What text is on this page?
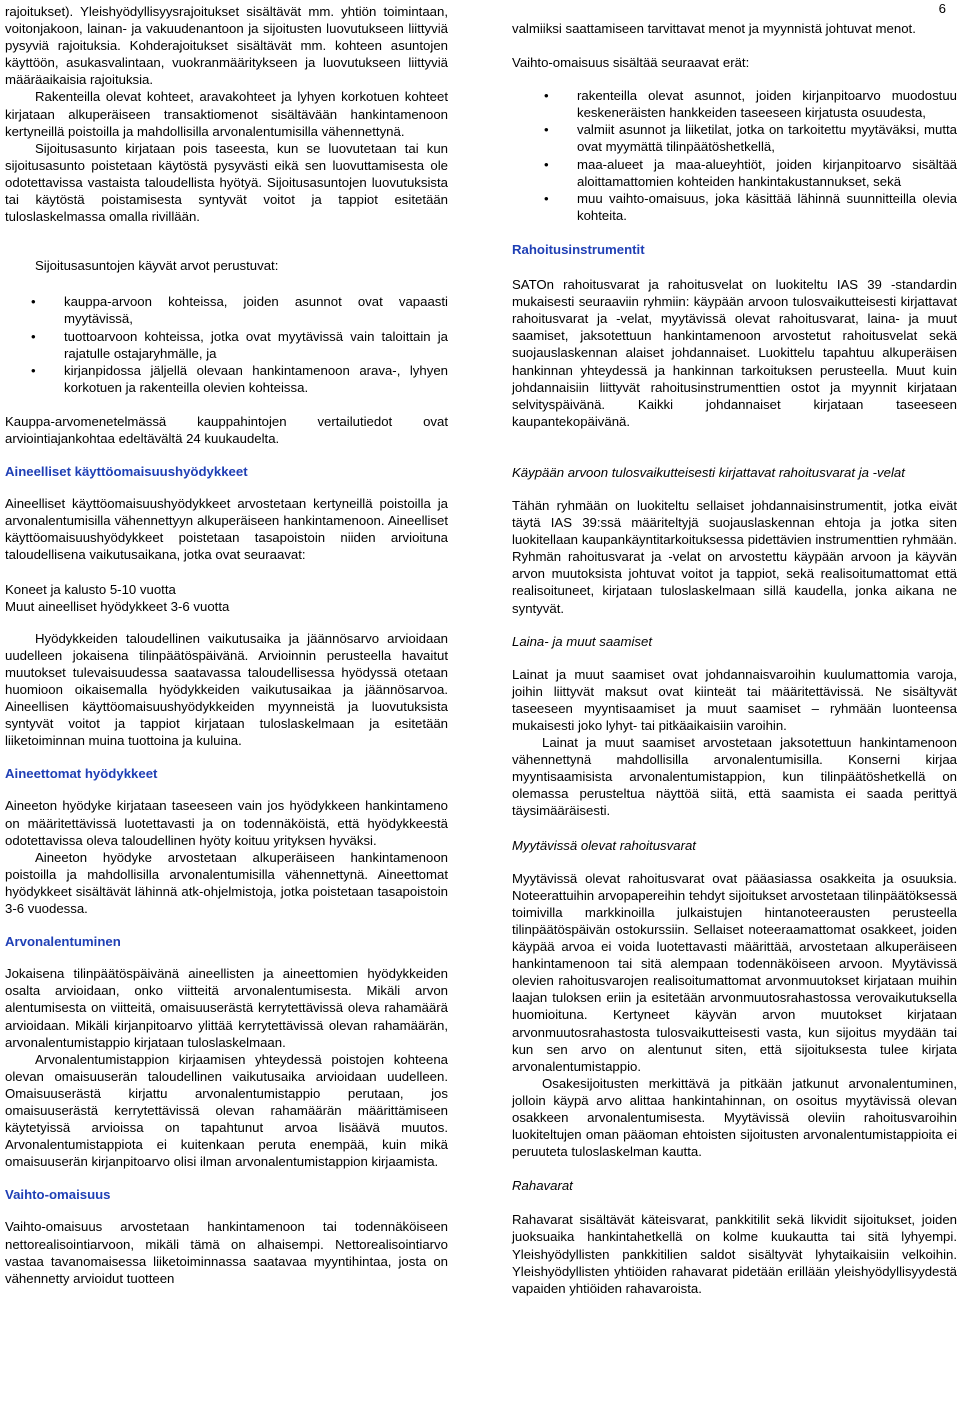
6

rajoitukset). Yleishyödyllisyysrajoitukset sisältävät mm. yhtiön toimintaan, voitonjakoon, lainan- ja vakuudenantoon ja sijoitusten luovutukseen liittyviä pysyviä rajoituksia. Kohderajoitukset sisältävät mm. kohteen asuntojen käyttöön, asukasvalintaan, vuokranmääritykseen ja luovutukseen liittyviä määräaikaisia rajoituksia.

Rakenteilla olevat kohteet, aravakohteet ja lyhyen korkotuen kohteet kirjataan alkuperäiseen transaktiomenot sisältävään hankintamenoon kertyneillä poistoilla ja mahdollisilla arvonalentumisilla vähennettynä.

Sijoitusasunto kirjataan pois taseesta, kun se luovutetaan tai kun sijoitusasunto poistetaan käytöstä pysyvästi eikä sen luovuttamisesta ole odotettavissa vastaista taloudellista hyötyä. Sijoitusasuntojen luovutuksista tai käytöstä poistamisesta syntyvät voitot ja tappiot esitetään tuloslaskelmassa omalla rivillään.

Sijoitusasuntojen käyvät arvot perustuvat:

• kauppa-arvoon kohteissa, joiden asunnot ovat vapaasti myytävissä,
• tuottoarvoon kohteissa, jotka ovat myytävissä vain taloittain ja rajatulle ostajaryhmälle, ja
• kirjanpidossa jäljellä olevaan hankintamenoon arava-, lyhyen korkotuen ja rakenteilla olevien kohteissa.

Kauppa-arvomenetelmässä kauppahintojen vertailutiedot ovat arviointiajankohtaa edeltävältä 24 kuukaudelta.

Aineelliset käyttöomaisuushyödykkeet

Aineelliset käyttöomaisuushyödykkeet arvostetaan kertyneillä poistoilla ja arvonalentumisilla vähennettyyn alkuperäiseen hankintamenoon. Aineelliset käyttöomaisuushyödykkeet poistetaan tasapoistoin niiden arvioituna taloudellisena vaikutusaikana, jotka ovat seuraavat:

Koneet ja kalusto 5-10 vuotta

Muut aineelliset hyödykkeet 3-6 vuotta

Hyödykkeiden taloudellinen vaikutusaika ja jäännösarvo arvioidaan uudelleen jokaisena tilinpäätöspäivänä. Arvioinnin perusteella havaitut muutokset tulevaisuudessa saatavassa taloudellisessa hyödyssä otetaan huomioon oikaisemalla hyödykkeiden vaikutusaikaa ja jäännösarvoa. Aineellisen käyttöomaisuushyödykkeiden myynneistä ja luovutuksista syntyvät voitot ja tappiot kirjataan tuloslaskelmaan ja esitetään liiketoiminnan muina tuottoina ja kuluina.

Aineettomat hyödykkeet

Aineeton hyödyke kirjataan taseeseen vain jos hyödykkeen hankintameno on määritettävissä luotettavasti ja on todennäköistä, että hyödykkeestä odotettavissa oleva taloudellinen hyöty koituu yrityksen hyväksi.

Aineeton hyödyke arvostetaan alkuperäiseen hankintamenoon poistoilla ja mahdollisilla arvonalentumisilla vähennettynä. Aineettomat hyödykkeet sisältävät lähinnä atk-ohjelmistoja, jotka poistetaan tasapoistoin 3-6 vuodessa.

Arvonalentuminen

Jokaisena tilinpäätöspäivänä aineellisten ja aineettomien hyödykkeiden osalta arvioidaan, onko viitteitä arvonalentumisesta. Mikäli arvon alentumisesta on viitteitä, omaisuuserästä kerrytettävissä oleva rahamäärä arvioidaan. Mikäli kirjanpitoarvo ylittää kerrytettävissä olevan rahamäärän, arvonalentumistappio kirjataan tuloslaskelmaan.

Arvonalentumistappion kirjaamisen yhteydessä poistojen kohteena olevan omaisuuserän taloudellinen vaikutusaika arvioidaan uudelleen. Omaisuuserästä kirjattu arvonalentumistappio perutaan, jos omaisuuserästä kerrytettävissä olevan rahamäärän määrittämiseen käytetyissä arvioissa on tapahtunut arvoa lisäävä muutos. Arvonalentumistappiota ei kuitenkaan peruta enempää, kuin mikä omaisuuserän kirjanpitoarvo olisi ilman arvonalentumistappion kirjaamista.

Vaihto-omaisuus

Vaihto-omaisuus arvostetaan hankintamenoon tai todennäköiseen nettorealisointiarvoon, mikäli tämä on alhaisempi. Nettorealisointiarvo vastaa tavanomaisessa liiketoiminnassa saatavaa myyntihintaa, josta on vähennetty arvioidut tuotteen

valmiiksi saattamiseen tarvittavat menot ja myynnistä johtuvat menot.

Vaihto-omaisuus sisältää seuraavat erät:

• rakenteilla olevat asunnot, joiden kirjanpitoarvo muodostuu keskeneräisten hankkeiden taseeseen kirjatusta osuudesta,
• valmiit asunnot ja liiketilat, jotka on tarkoitettu myytäväksi, mutta ovat myymättä tilinpäätöshetkellä,
• maa-alueet ja maa-alueyhtiöt, joiden kirjanpitoarvo sisältää aloittamattomien kohteiden hankintakustannukset, sekä
• muu vaihto-omaisuus, joka käsittää lähinnä suunnitteilla olevia kohteita.

Rahoitusinstrumentit

SATOn rahoitusvarat ja rahoitusvelat on luokiteltu IAS 39 -standardin mukaisesti seuraaviin ryhmiin: käypään arvoon tulosvaikutteisesti kirjattavat rahoitusvarat ja -velat, myytävissä olevat rahoitusvarat, laina- ja muut saamiset, jaksotettuun hankintamenoon arvostetut rahoitusvelat sekä suojauslaskennan alaiset johdannaiset. Luokittelu tapahtuu alkuperäisen hankinnan yhteydessä ja hankinnan tarkoituksen perusteella. Muut kuin johdannaisiin liittyvät rahoitusinstrumenttien ostot ja myynnit kirjataan selvityspäivänä. Kaikki johdannaiset kirjataan taseeseen kaupantekopäivänä.

Käypään arvoon tulosvaikutteisesti kirjattavat rahoitusvarat ja -velat

Tähän ryhmään on luokiteltu sellaiset johdannaisinstrumentit, jotka eivät täytä IAS 39:ssä määriteltyjä suojauslaskennan ehtoja ja jotka siten luokitellaan kaupankäyntitarkoituksessa pidettävien instrumenttien ryhmään. Ryhmän rahoitusvarat ja -velat on arvostettu käypään arvoon ja käyvän arvon muutoksista johtuvat voitot ja tappiot, sekä realisoitumattomat että realisoituneet, kirjataan tuloslaskelmaan sillä kaudella, jonka aikana ne syntyvät.

Laina- ja muut saamiset

Lainat ja muut saamiset ovat johdannaisvaroihin kuulumattomia varoja, joihin liittyvät maksut ovat kiinteät tai määritettävissä. Ne sisältyvät taseeseen myyntisaamiset ja muut saamiset – ryhmään luonteensa mukaisesti joko lyhyt- tai pitkäaikaisiin varoihin.

Lainat ja muut saamiset arvostetaan jaksotettuun hankintamenoon vähennettynä mahdollisilla arvonalentumisilla. Konserni kirjaa myyntisaamisista arvonalentumistappion, kun tilinpäätöshetkellä on olemassa perusteltua näyttöä siitä, että saamista ei saada perittyä täysimääräisesti.

Myytävissä olevat rahoitusvarat

Myytävissä olevat rahoitusvarat ovat pääasiassa osakkeita ja osuuksia. Noteerattuihin arvopapereihin tehdyt sijoitukset arvostetaan tilinpäätöksessä toimivilla markkinoilla julkaistujen hintanoteerausten perusteella tilinpäätöspäivän ostokurssiin. Sellaiset noteeraamattomat osakkeet, joiden käypää arvoa ei voida luotettavasti määrittää, arvostetaan alkuperäiseen hankintamenoon tai sitä alempaan todennäköiseen arvoon. Myytävissä olevien rahoitusvarojen realisoitumattomat arvonmuutokset kirjataan muihin laajan tuloksen eriin ja esitetään arvonmuutosrahastossa verovaikutuksella huomioituna. Kertyneet käyvän arvon muutokset kirjataan arvonmuutosrahastosta tulosvaikutteisesti vasta, kun sijoitus myydään tai kun sen arvo on alentunut siten, että sijoituksesta tulee kirjata arvonalentumistappio.

Osakesijoitusten merkittävä ja pitkään jatkunut arvonalentuminen, jolloin käypä arvo alittaa hankintahinnan, on osoitus myytävissä olevan osakkeen arvonalentumisesta. Myytävissä oleviin rahoitusvaroihin luokiteltujen oman pääoman ehtoisten sijoitusten arvonalentumistappioita ei peruuteta tuloslaskelman kautta.

Rahavarat

Rahavarat sisältävät käteisvarat, pankkitilit sekä likvidit sijoitukset, joiden juoksuaika hankintahetkellä on kolme kuukautta tai sitä lyhyempi. Yleishyödyllisten pankkitilien saldot sisältyvät lyhytaikaisiin velkoihin. Yleishyödyllisten yhtiöiden rahavarat pidetään erillään yleishyödyllisyydestä vapaiden yhtiöiden rahavaroista.
